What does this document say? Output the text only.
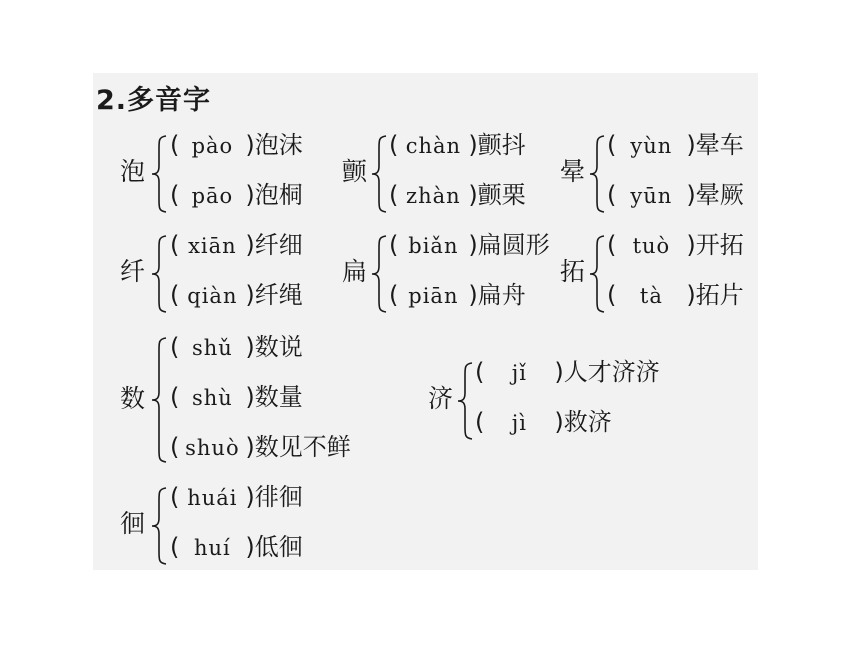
2.多音字
泡
( pào )泡沫
( pāo )泡桐
颤
( chàn )颤抖
( zhàn )颤栗
晕
( yùn )晕车
( yūn )晕厥
纤
( xiān )纤细
( qiàn )纤绳
扁
( biǎn )扁圆形
( piān )扁舟
拓
( tuò )开拓
( tà )拓片
数
( shǔ )数说
( shù )数量
( shuò )数见不鲜
济
( jǐ )人才济济
( jì )救济
徊
( huái )徘徊
( huí )低徊
